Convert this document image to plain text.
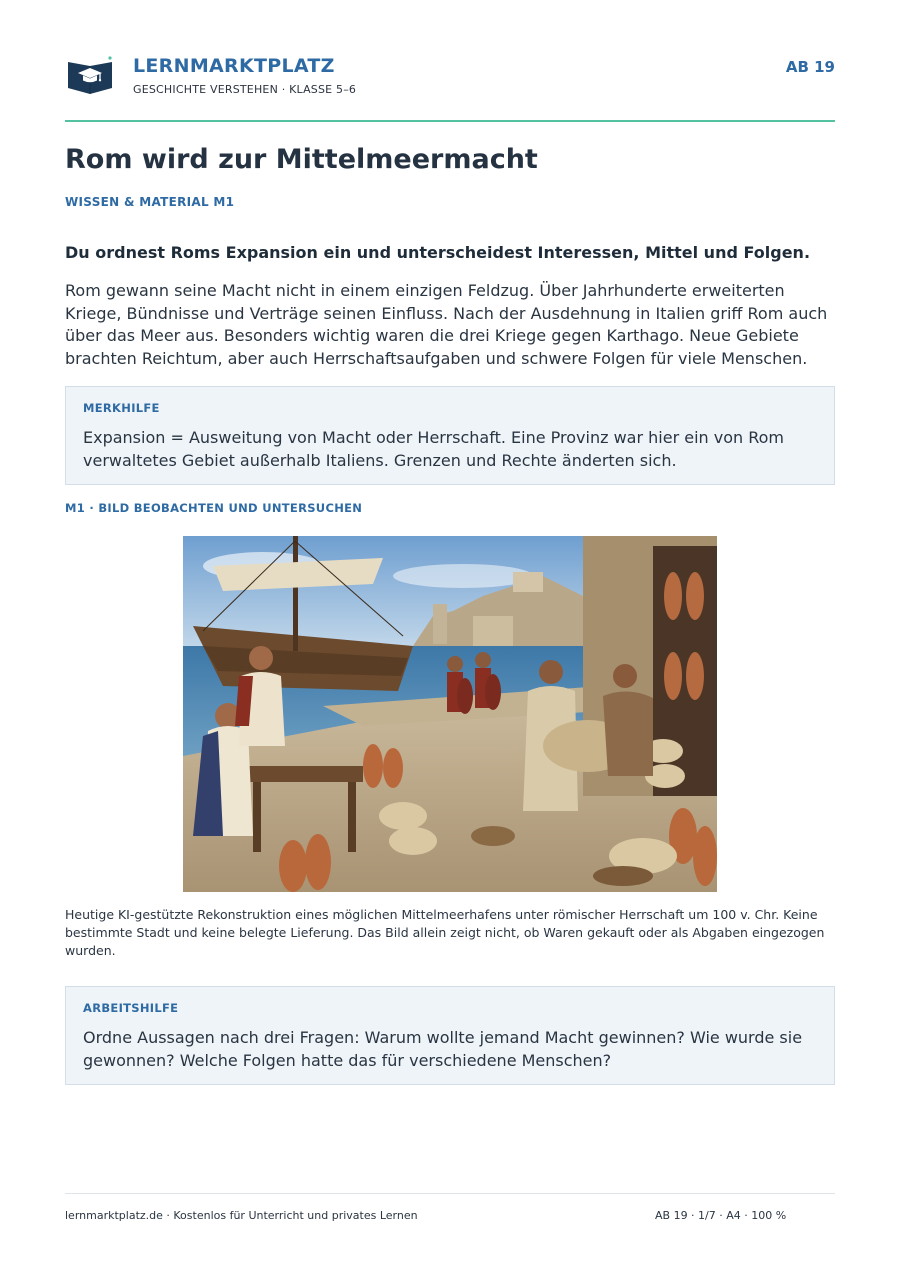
LERNMARKTPLATZ
GESCHICHTE VERSTEHEN · KLASSE 5–6
AB 19
Rom wird zur Mittelmeermacht
WISSEN & MATERIAL M1
Du ordnest Roms Expansion ein und unterscheidest Interessen, Mittel und Folgen.

Rom gewann seine Macht nicht in einem einzigen Feldzug. Über Jahrhunderte erweiterten Kriege, Bündnisse und Verträge seinen Einfluss. Nach der Ausdehnung in Italien griff Rom auch über das Meer aus. Besonders wichtig waren die drei Kriege gegen Karthago. Neue Gebiete brachten Reichtum, aber auch Herrschaftsaufgaben und schwere Folgen für viele Menschen.

MERKHILFE

Expansion = Ausweitung von Macht oder Herrschaft. Eine Provinz war hier ein von Rom verwaltetes Gebiet außerhalb Italiens. Grenzen und Rechte änderten sich.

M1 · BILD BEOBACHTEN UND UNTERSUCHEN

Heutige KI-gestützte Rekonstruktion eines möglichen Mittelmeerhafens unter römischer Herrschaft um 100 v. Chr. Keine bestimmte Stadt und keine belegte Lieferung. Das Bild allein zeigt nicht, ob Waren gekauft oder als Abgaben eingezogen wurden.

ARBEITSHILFE

Ordne Aussagen nach drei Fragen: Warum wollte jemand Macht gewinnen? Wie wurde sie gewonnen? Welche Folgen hatte das für verschiedene Menschen?

lernmarktplatz.de · Kostenlos für Unterricht und privates Lernen	AB 19 · 1/7 · A4 · 100 %
